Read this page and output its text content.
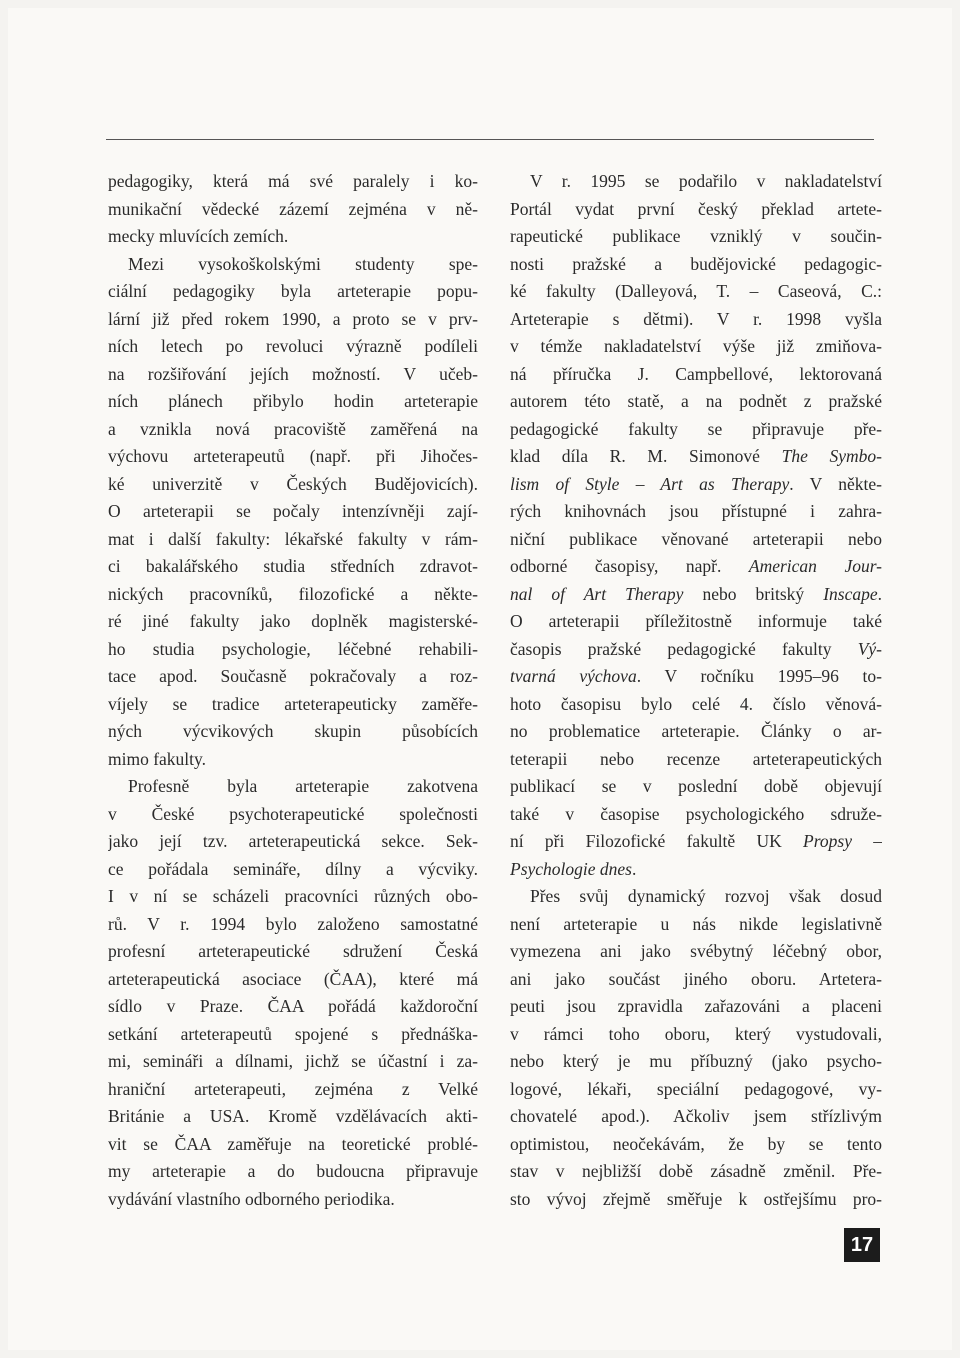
pedagogiky, která má své paralely i ko-
munikační vědecké zázemí zejména v ně-
mecky mluvících zemích.
Mezi vysokoškolskými studenty spe-
ciální pedagogiky byla arteterapie popu-
lární již před rokem 1990, a proto se v prv-
ních letech po revoluci výrazně podíleli
na rozšiřování jejích možností. V učeb-
ních plánech přibylo hodin arteterapie
a vznikla nová pracoviště zaměřená na
výchovu arteterapeutů (např. při Jihočes-
ké univerzitě v Českých Budějovicích).
O arteterapii se počaly intenzívněji zají-
mat i další fakulty: lékařské fakulty v rám-
ci bakalářského studia středních zdravot-
nických pracovníků, filozofické a někte-
ré jiné fakulty jako doplněk magisterské-
ho studia psychologie, léčebné rehabili-
tace apod. Současně pokračovaly a roz-
víjely se tradice arteterapeuticky zaměře-
ných výcvikových skupin působících
mimo fakulty.
Profesně byla arteterapie zakotvena
v České psychoterapeutické společnosti
jako její tzv. arteterapeutická sekce. Sek-
ce pořádala semináře, dílny a výcviky.
I v ní se scházeli pracovníci různých obo-
rů. V r. 1994 bylo založeno samostatné
profesní arteterapeutické sdružení Česká
arteterapeutická asociace (ČAA), které má
sídlo v Praze. ČAA pořádá každoroční
setkání arteterapeutů spojené s přednáška-
mi, semináři a dílnami, jichž se účastní i za-
hraniční arteterapeuti, zejména z Velké
Británie a USA. Kromě vzdělávacích akti-
vit se ČAA zaměřuje na teoretické problé-
my arteterapie a do budoucna připravuje
vydávání vlastního odborného periodika.
V r. 1995 se podařilo v nakladatelství
Portál vydat první český překlad artete-
rapeutické publikace vzniklý v součin-
nosti pražské a budějovické pedagogic-
ké fakulty (Dalleyová, T. – Caseová, C.:
Arteterapie s dětmi). V r. 1998 vyšla
v témže nakladatelství výše již zmiňova-
ná příručka J. Campbellové, lektorovaná
autorem této statě, a na podnět z pražské
pedagogické fakulty se připravuje pře-
klad díla R. M. Simonové The Symbo-
lism of Style – Art as Therapy. V někte-
rých knihovnách jsou přístupné i zahra-
niční publikace věnované arteterapii nebo
odborné časopisy, např. American Jour-
nal of Art Therapy nebo britský Inscape.
O arteterapii příležitostně informuje také
časopis pražské pedagogické fakulty Vý-
tvarná výchova. V ročníku 1995–96 to-
hoto časopisu bylo celé 4. číslo věnová-
no problematice arteterapie. Články o ar-
teterapii nebo recenze arteterapeutických
publikací se v poslední době objevují
také v časopise psychologického sdruže-
ní při Filozofické fakultě UK Propsy –
Psychologie dnes.
Přes svůj dynamický rozvoj však dosud
není arteterapie u nás nikde legislativně
vymezena ani jako svébytný léčebný obor,
ani jako součást jiného oboru. Artetera-
peuti jsou zpravidla zařazováni a placeni
v rámci toho oboru, který vystudovali,
nebo který je mu příbuzný (jako psycho-
logové, lékaři, speciální pedagogové, vy-
chovatelé apod.). Ačkoliv jsem střízlivým
optimistou, neočekávám, že by se tento
stav v nejbližší době zásadně změnil. Pře-
sto vývoj zřejmě směřuje k ostřejšímu pro-
17
